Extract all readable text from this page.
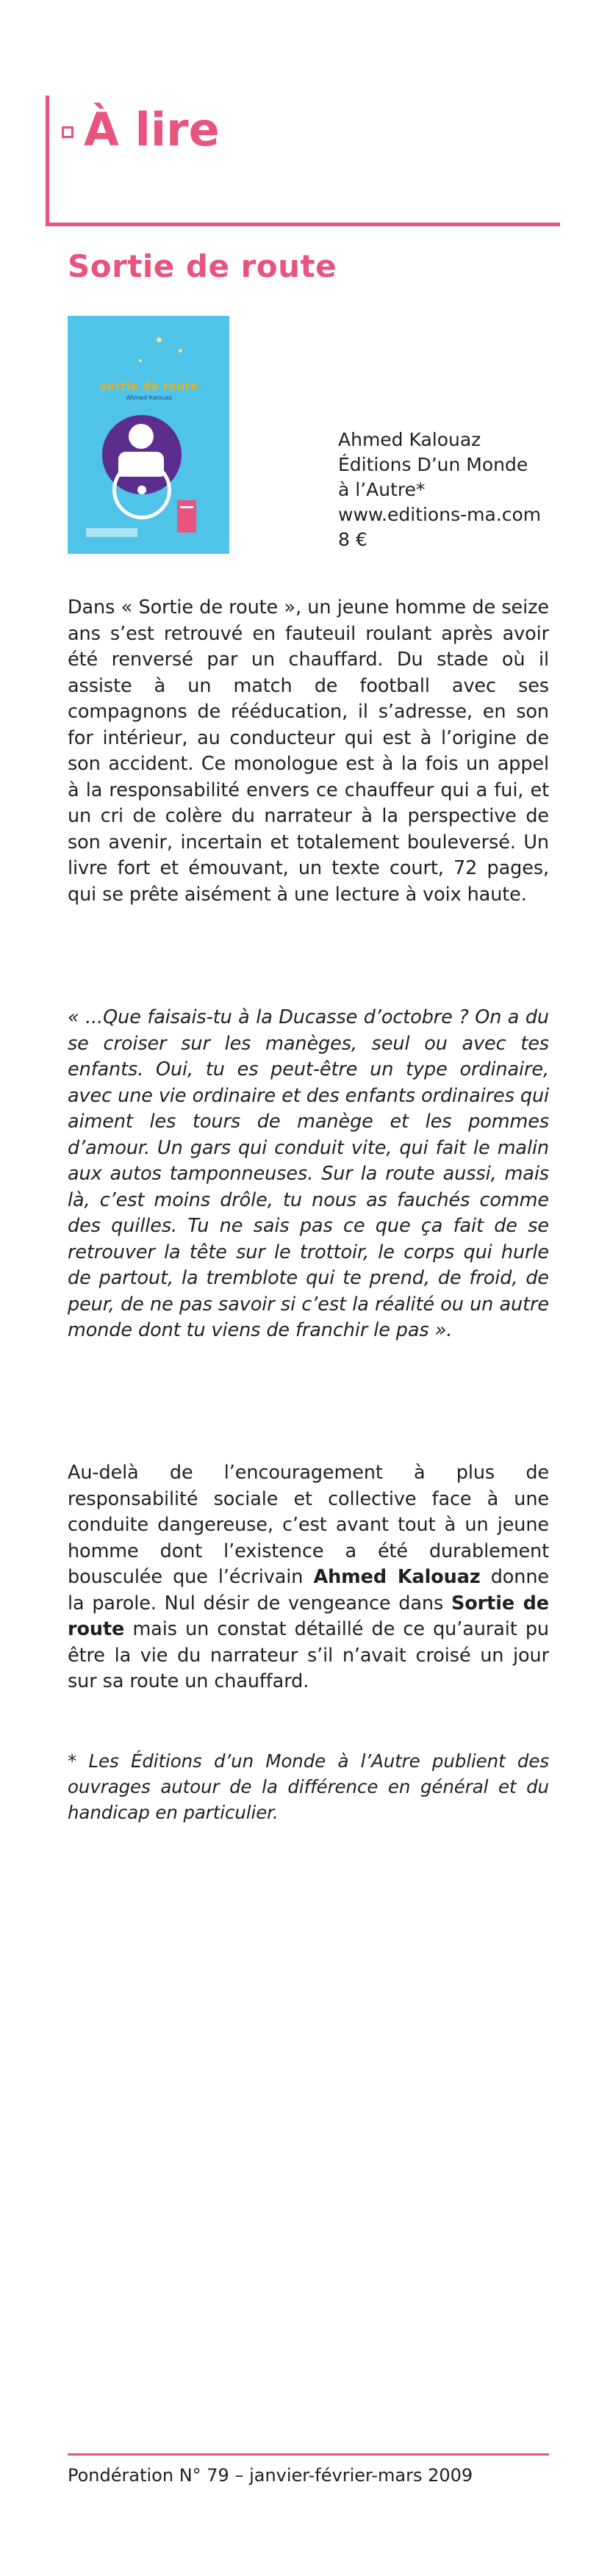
À lire
Sortie de route
sortie de route
Ahmed Kalouaz
Ahmed Kalouaz
Éditions D’un Monde
à l’Autre*
www.editions-ma.com
8 €
Dans « Sortie de route », un jeune homme de seize ans s’est retrouvé en fauteuil roulant après avoir été renversé par un chauffard. Du stade où il assiste à un match de football avec ses compagnons de rééducation, il s’adresse, en son for intérieur, au conducteur qui est à l’origine de son accident. Ce monologue est à la fois un appel à la responsabilité envers ce chauffeur qui a fui, et un cri de colère du narrateur à la perspective de son avenir, incertain et totalement bouleversé. Un livre fort et émouvant, un texte court, 72 pages, qui se prête aisément à une lecture à voix haute.
« ...Que faisais-tu à la Ducasse d’octobre ? On a du se croiser sur les manèges, seul ou avec tes enfants. Oui, tu es peut-être un type ordinaire, avec une vie ordinaire et des enfants ordinaires qui aiment les tours de manège et les pommes d’amour. Un gars qui conduit vite, qui fait le malin aux autos tamponneuses. Sur la route aussi, mais là, c’est moins drôle, tu nous as fauchés comme des quilles. Tu ne sais pas ce que ça fait de se retrouver la tête sur le trottoir, le corps qui hurle de partout, la tremblote qui te prend, de froid, de peur, de ne pas savoir si c’est la réalité ou un autre monde dont tu viens de franchir le pas ».
Au-delà de l’encouragement à plus de responsabilité sociale et collective face à une conduite dangereuse, c’est avant tout à un jeune homme dont l’existence a été durablement bousculée que l’écrivain Ahmed Kalouaz donne la parole. Nul désir de vengeance dans Sortie de route mais un constat détaillé de ce qu’aurait pu être la vie du narrateur s’il n’avait croisé un jour sur sa route un chauffard.
* Les Éditions d’un Monde à l’Autre publient des ouvrages autour de la différence en général et du handicap en particulier.
Pondération N° 79 – janvier-février-mars 2009
